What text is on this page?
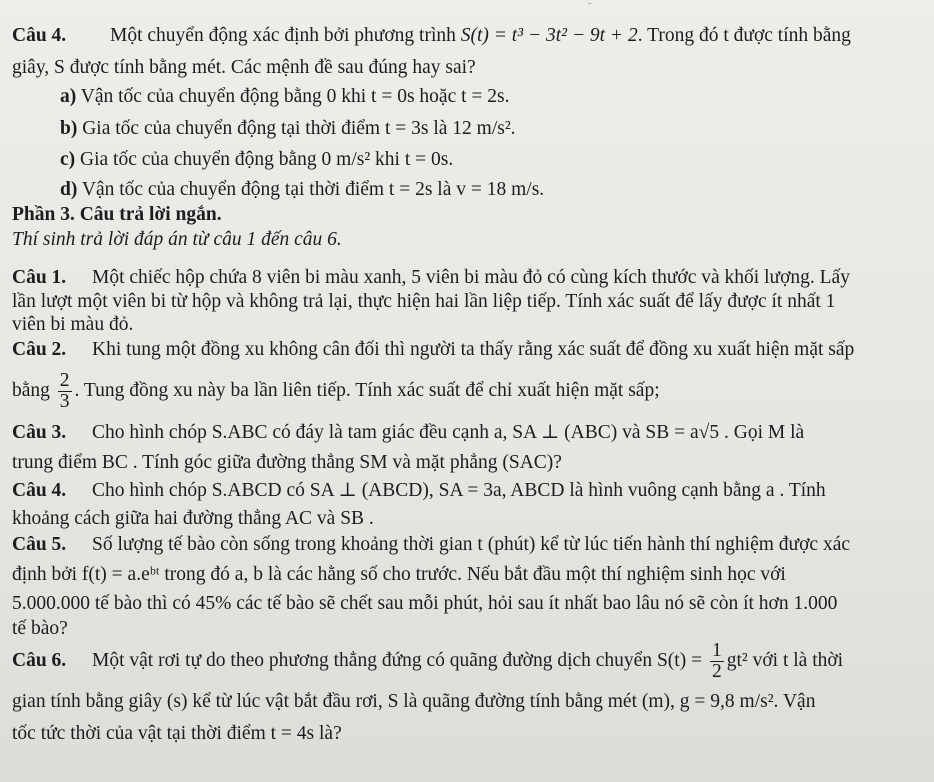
˜
Câu 4. Một chuyển động xác định bởi phương trình S(t) = t³ − 3t² − 9t + 2. Trong đó t được tính bằng
giây, S được tính bằng mét. Các mệnh đề sau đúng hay sai?
a) Vận tốc của chuyển động bằng 0 khi t = 0s hoặc t = 2s.
b) Gia tốc của chuyển động tại thời điểm t = 3s là 12 m/s².
c) Gia tốc của chuyển động bằng 0 m/s² khi t = 0s.
d) Vận tốc của chuyển động tại thời điểm t = 2s là v = 18 m/s.
Phần 3. Câu trả lời ngắn.
Thí sinh trả lời đáp án từ câu 1 đến câu 6.
Câu 1. Một chiếc hộp chứa 8 viên bi màu xanh, 5 viên bi màu đỏ có cùng kích thước và khối lượng. Lấy
lần lượt một viên bi từ hộp và không trả lại, thực hiện hai lần liệp tiếp. Tính xác suất để lấy được ít nhất 1
viên bi màu đỏ.
Câu 2. Khi tung một đồng xu không cân đối thì người ta thấy rằng xác suất để đồng xu xuất hiện mặt sấp
bằng $\frac{2}{3}$ . Tung đồng xu này ba lần liên tiếp. Tính xác suất để chỉ xuất hiện mặt sấp;
Câu 3. Cho hình chóp S.ABC có đáy là tam giác đều cạnh a, SA ⊥ (ABC) và SB = a√5 . Gọi M là
trung điểm BC . Tính góc giữa đường thẳng SM và mặt phẳng (SAC)?
Câu 4. Cho hình chóp S.ABCD có SA ⊥ (ABCD), SA = 3a, ABCD là hình vuông cạnh bằng a . Tính
khoảng cách giữa hai đường thẳng AC và SB .
Câu 5. Số lượng tế bào còn sống trong khoảng thời gian t (phút) kể từ lúc tiến hành thí nghiệm được xác
định bởi f(t) = a.eᵇᵗ trong đó a, b là các hằng số cho trước. Nếu bắt đầu một thí nghiệm sinh học với
5.000.000 tế bào thì có 45% các tế bào sẽ chết sau mỗi phút, hỏi sau ít nhất bao lâu nó sẽ còn ít hơn 1.000
tế bào?
Câu 6. Một vật rơi tự do theo phương thẳng đứng có quãng đường dịch chuyển $S(t) = \frac{1}{2} gt^2$ với t là thời
gian tính bằng giây (s) kể từ lúc vật bắt đầu rơi, S là quãng đường tính bằng mét (m), g = 9,8 m/s². Vận
tốc tức thời của vật tại thời điểm t = 4s là?
